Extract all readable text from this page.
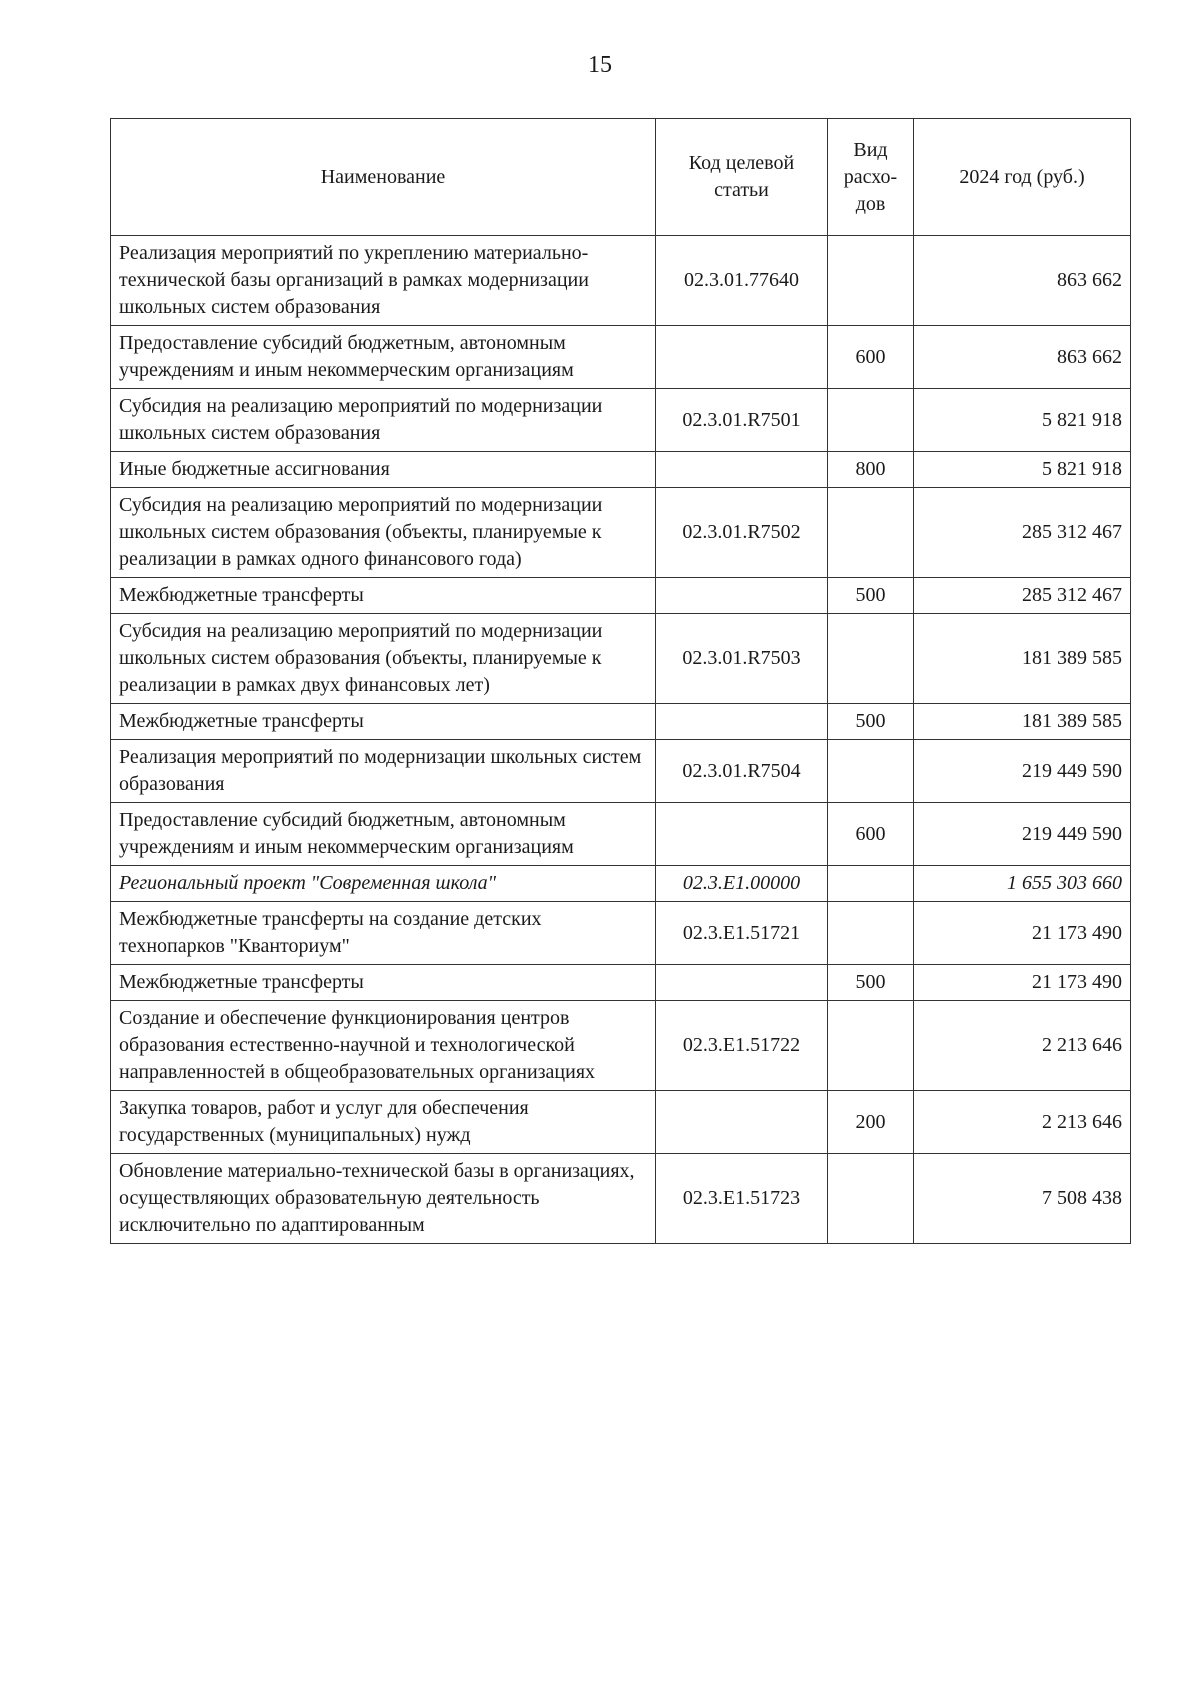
15
Наименование	Код целевой статьи	Вид расхо-дов	2024 год (руб.)
Реализация мероприятий по укреплению материально-технической базы организаций в рамках модернизации школьных систем образования	02.3.01.77640		863 662
Предоставление субсидий бюджетным, автономным учреждениям и иным некоммерческим организациям		600	863 662
Субсидия на реализацию мероприятий по модернизации школьных систем образования	02.3.01.R7501		5 821 918
Иные бюджетные ассигнования		800	5 821 918
Субсидия на реализацию мероприятий по модернизации школьных систем образования (объекты, планируемые к реализации в рамках одного финансового года)	02.3.01.R7502		285 312 467
Межбюджетные трансферты		500	285 312 467
Субсидия на реализацию мероприятий по модернизации школьных систем образования (объекты, планируемые к реализации в рамках двух финансовых лет)	02.3.01.R7503		181 389 585
Межбюджетные трансферты		500	181 389 585
Реализация мероприятий по модернизации школьных систем образования	02.3.01.R7504		219 449 590
Предоставление субсидий бюджетным, автономным учреждениям и иным некоммерческим организациям		600	219 449 590
Региональный проект "Современная школа"	02.3.E1.00000		1 655 303 660
Межбюджетные трансферты на создание детских технопарков "Кванториум"	02.3.E1.51721		21 173 490
Межбюджетные трансферты		500	21 173 490
Создание и обеспечение функционирования центров образования естественно-научной и технологической направленностей в общеобразовательных организациях	02.3.E1.51722		2 213 646
Закупка товаров, работ и услуг для обеспечения государственных (муниципальных) нужд		200	2 213 646
Обновление материально-технической базы в организациях, осуществляющих образовательную деятельность исключительно по адаптированным	02.3.E1.51723		7 508 438
